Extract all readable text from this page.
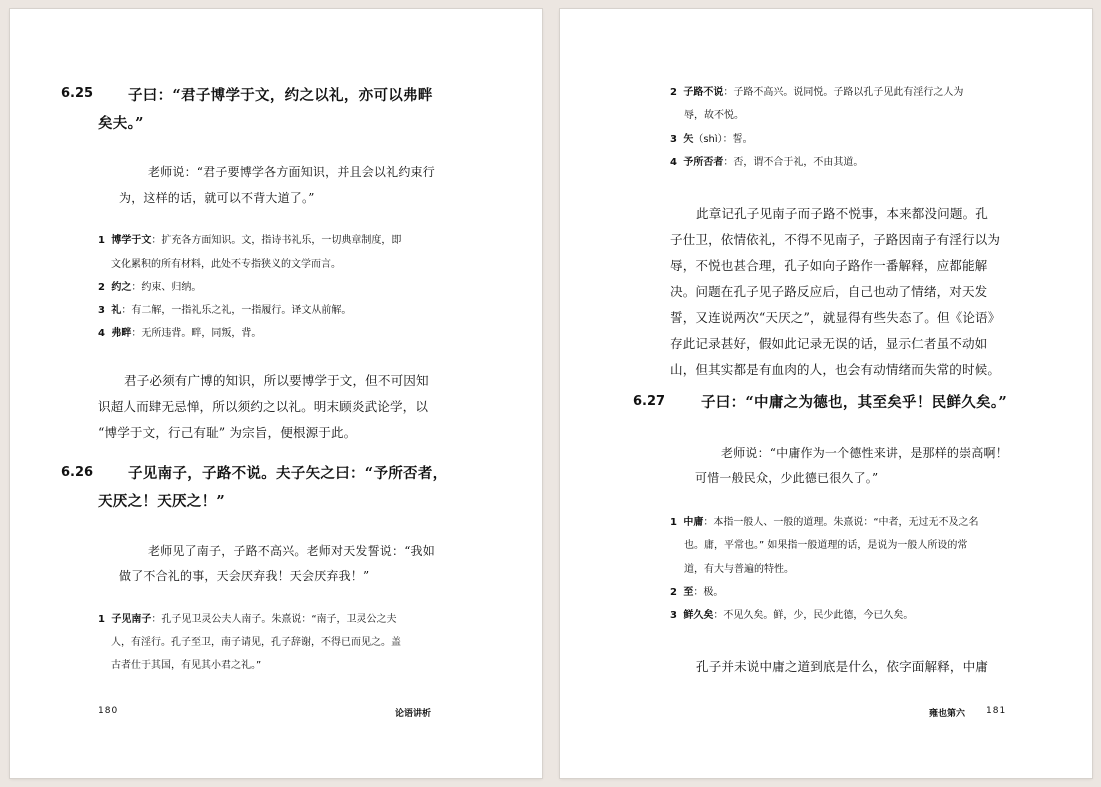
6.25 子曰：“君子博学于文，约之以礼，亦可以弗畔
矣夫。”
老师说：“君子要博学各方面知识，并且会以礼约束行
为，这样的话，就可以不背大道了。”
1 博学于文：扩充各方面知识。文，指诗书礼乐，一切典章制度，即
文化累积的所有材料，此处不专指狭义的文学而言。
2 约之：约束、归纳。
3 礼：有二解，一指礼乐之礼，一指履行。译文从前解。
4 弗畔：无所违背。畔，同叛，背。
君子必须有广博的知识，所以要博学于文，但不可因知
识超人而肆无忌惮，所以须约之以礼。明末顾炎武论学，以
“博学于文，行己有耻” 为宗旨，便根源于此。
6.26 子见南子，子路不说。夫子矢之曰：“予所否者，
天厌之！天厌之！”
老师见了南子，子路不高兴。老师对天发誓说：“我如
做了不合礼的事，天会厌弃我！天会厌弃我！”
1 子见南子：孔子见卫灵公夫人南子。朱熹说：“南子，卫灵公之夫
人，有淫行。孔子至卫，南子请见，孔子辞谢，不得已而见之。盖
古者仕于其国，有见其小君之礼。”
180	论语讲析
2 子路不说：子路不高兴。说同悦。子路以孔子见此有淫行之人为
辱，故不悦。
3 矢（shì）：誓。
4 予所否者：否，谓不合于礼，不由其道。
此章记孔子见南子而子路不悦事，本来都没问题。孔
子仕卫，依情依礼，不得不见南子，子路因南子有淫行以为
辱，不悦也甚合理，孔子如向子路作一番解释，应都能解
决。问题在孔子见子路反应后，自己也动了情绪，对天发
誓，又连说两次“天厌之”，就显得有些失态了。但《论语》
存此记录甚好，假如此记录无误的话，显示仁者虽不动如
山，但其实都是有血肉的人，也会有动情绪而失常的时候。
6.27 子曰：“中庸之为德也，其至矣乎！民鲜久矣。”
老师说：“中庸作为一个德性来讲，是那样的崇高啊！
可惜一般民众，少此德已很久了。”
1 中庸：本指一般人、一般的道理。朱熹说：“中者，无过无不及之名
也。庸，平常也。” 如果指一般道理的话，是说为一般人所设的常
道，有大与普遍的特性。
2 至：极。
3 鲜久矣：不见久矣。鲜，少，民少此德，今已久矣。
孔子并未说中庸之道到底是什么，依字面解释，中庸
雍也第六 181
